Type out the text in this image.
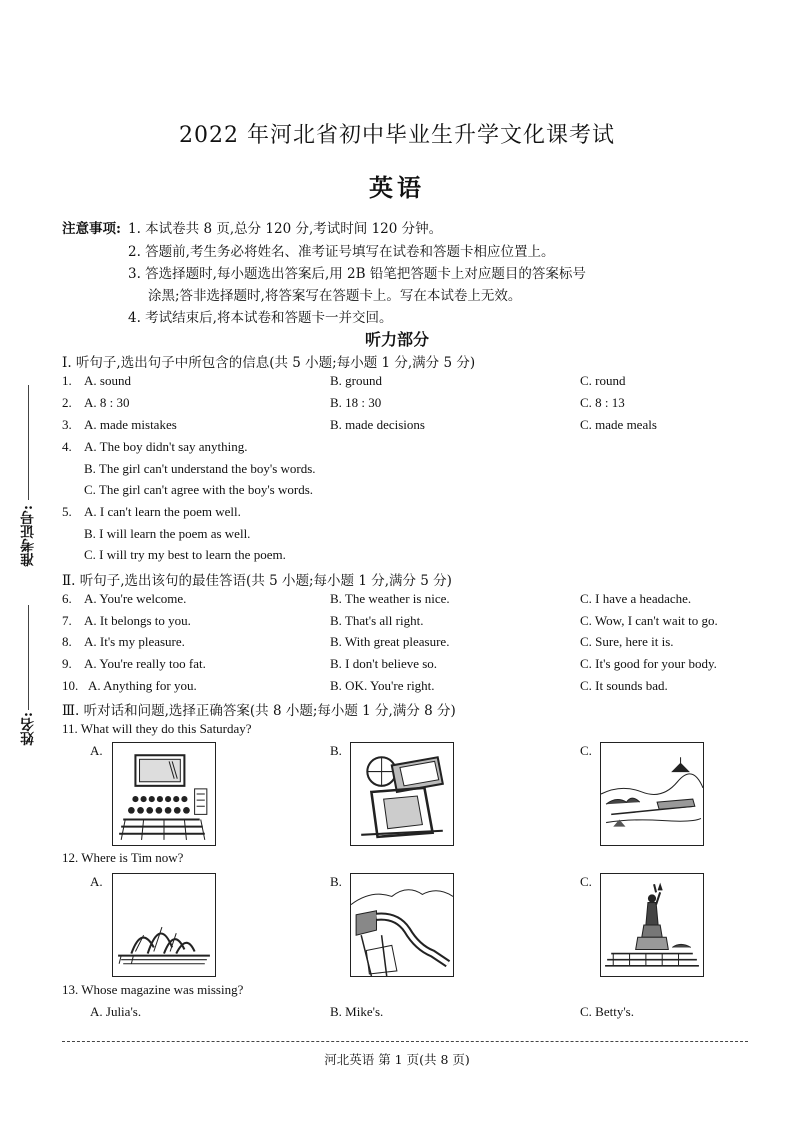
2022 年河北省初中毕业生升学文化课考试
英语
注意事项: 1. 本试卷共 8 页,总分 120 分,考试时间 120 分钟。
2. 答题前,考生务必将姓名、准考证号填写在试卷和答题卡相应位置上。
3. 答选择题时,每小题选出答案后,用 2B 铅笔把答题卡上对应题目的答案标号
涂黑;答非选择题时,将答案写在答题卡上。写在本试卷上无效。
4. 考试结束后,将本试卷和答题卡一并交回。
听力部分
Ⅰ. 听句子,选出句子中所包含的信息(共 5 小题;每小题 1 分,满分 5 分)
1. A. sound	B. ground	C. round
2. A. 8 : 30	B. 18 : 30	C. 8 : 13
3. A. made mistakes	B. made decisions	C. made meals
4. A. The boy didn't say anything.
B. The girl can't understand the boy's words.
C. The girl can't agree with the boy's words.
5. A. I can't learn the poem well.
B. I will learn the poem as well.
C. I will try my best to learn the poem.
Ⅱ. 听句子,选出该句的最佳答语(共 5 小题;每小题 1 分,满分 5 分)
6. A. You're welcome.	B. The weather is nice.	C. I have a headache.
7. A. It belongs to you.	B. That's all right.	C. Wow, I can't wait to go.
8. A. It's my pleasure.	B. With great pleasure.	C. Sure, here it is.
9. A. You're really too fat.	B. I don't believe so.	C. It's good for your body.
10. A. Anything for you.	B. OK. You're right.	C. It sounds bad.
Ⅲ. 听对话和问题,选择正确答案(共 8 小题;每小题 1 分,满分 8 分)
11. What will they do this Saturday?
A.	B.	C.
12. Where is Tim now?
A.	B.	C.
13. Whose magazine was missing?
A. Julia's.	B. Mike's.	C. Betty's.
准考证号:
姓名:
河北英语 第 1 页(共 8 页)
